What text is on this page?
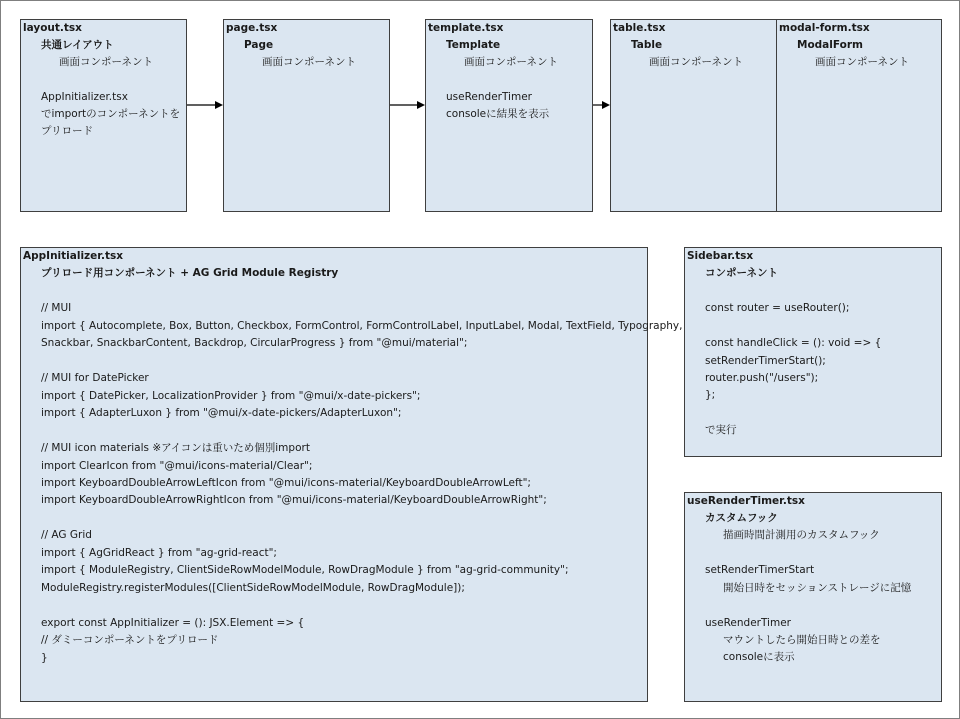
layout.tsx
共通レイアウト
画面コンポーネント
AppInitializer.tsx
でimportのコンポーネントを
プリロード
page.tsx
Page
画面コンポーネント
template.tsx
Template
画面コンポーネント
useRenderTimer
consoleに結果を表示
table.tsx
Table
画面コンポーネント
modal-form.tsx
ModalForm
画面コンポーネント
AppInitializer.tsx
プリロード用コンポーネント + AG Grid Module Registry
// MUI
import { Autocomplete, Box, Button, Checkbox, FormControl, FormControlLabel, InputLabel, Modal, TextField, Typography,
Snackbar, SnackbarContent, Backdrop, CircularProgress } from "@mui/material";
// MUI for DatePicker
import { DatePicker, LocalizationProvider } from "@mui/x-date-pickers";
import { AdapterLuxon } from "@mui/x-date-pickers/AdapterLuxon";
// MUI icon materials ※アイコンは重いため個別import
import ClearIcon from "@mui/icons-material/Clear";
import KeyboardDoubleArrowLeftIcon from "@mui/icons-material/KeyboardDoubleArrowLeft";
import KeyboardDoubleArrowRightIcon from "@mui/icons-material/KeyboardDoubleArrowRight";
// AG Grid
import { AgGridReact } from "ag-grid-react";
import { ModuleRegistry, ClientSideRowModelModule, RowDragModule } from "ag-grid-community";
ModuleRegistry.registerModules([ClientSideRowModelModule, RowDragModule]);
export const AppInitializer = (): JSX.Element => {
// ダミーコンポーネントをプリロード
}
Sidebar.tsx
コンポーネント
const router = useRouter();
const handleClick = (): void => {
setRenderTimerStart();
router.push("/users");
};
で実行
useRenderTimer.tsx
カスタムフック
描画時間計測用のカスタムフック
setRenderTimerStart
開始日時をセッションストレージに記憶
useRenderTimer
マウントしたら開始日時との差を
consoleに表示
